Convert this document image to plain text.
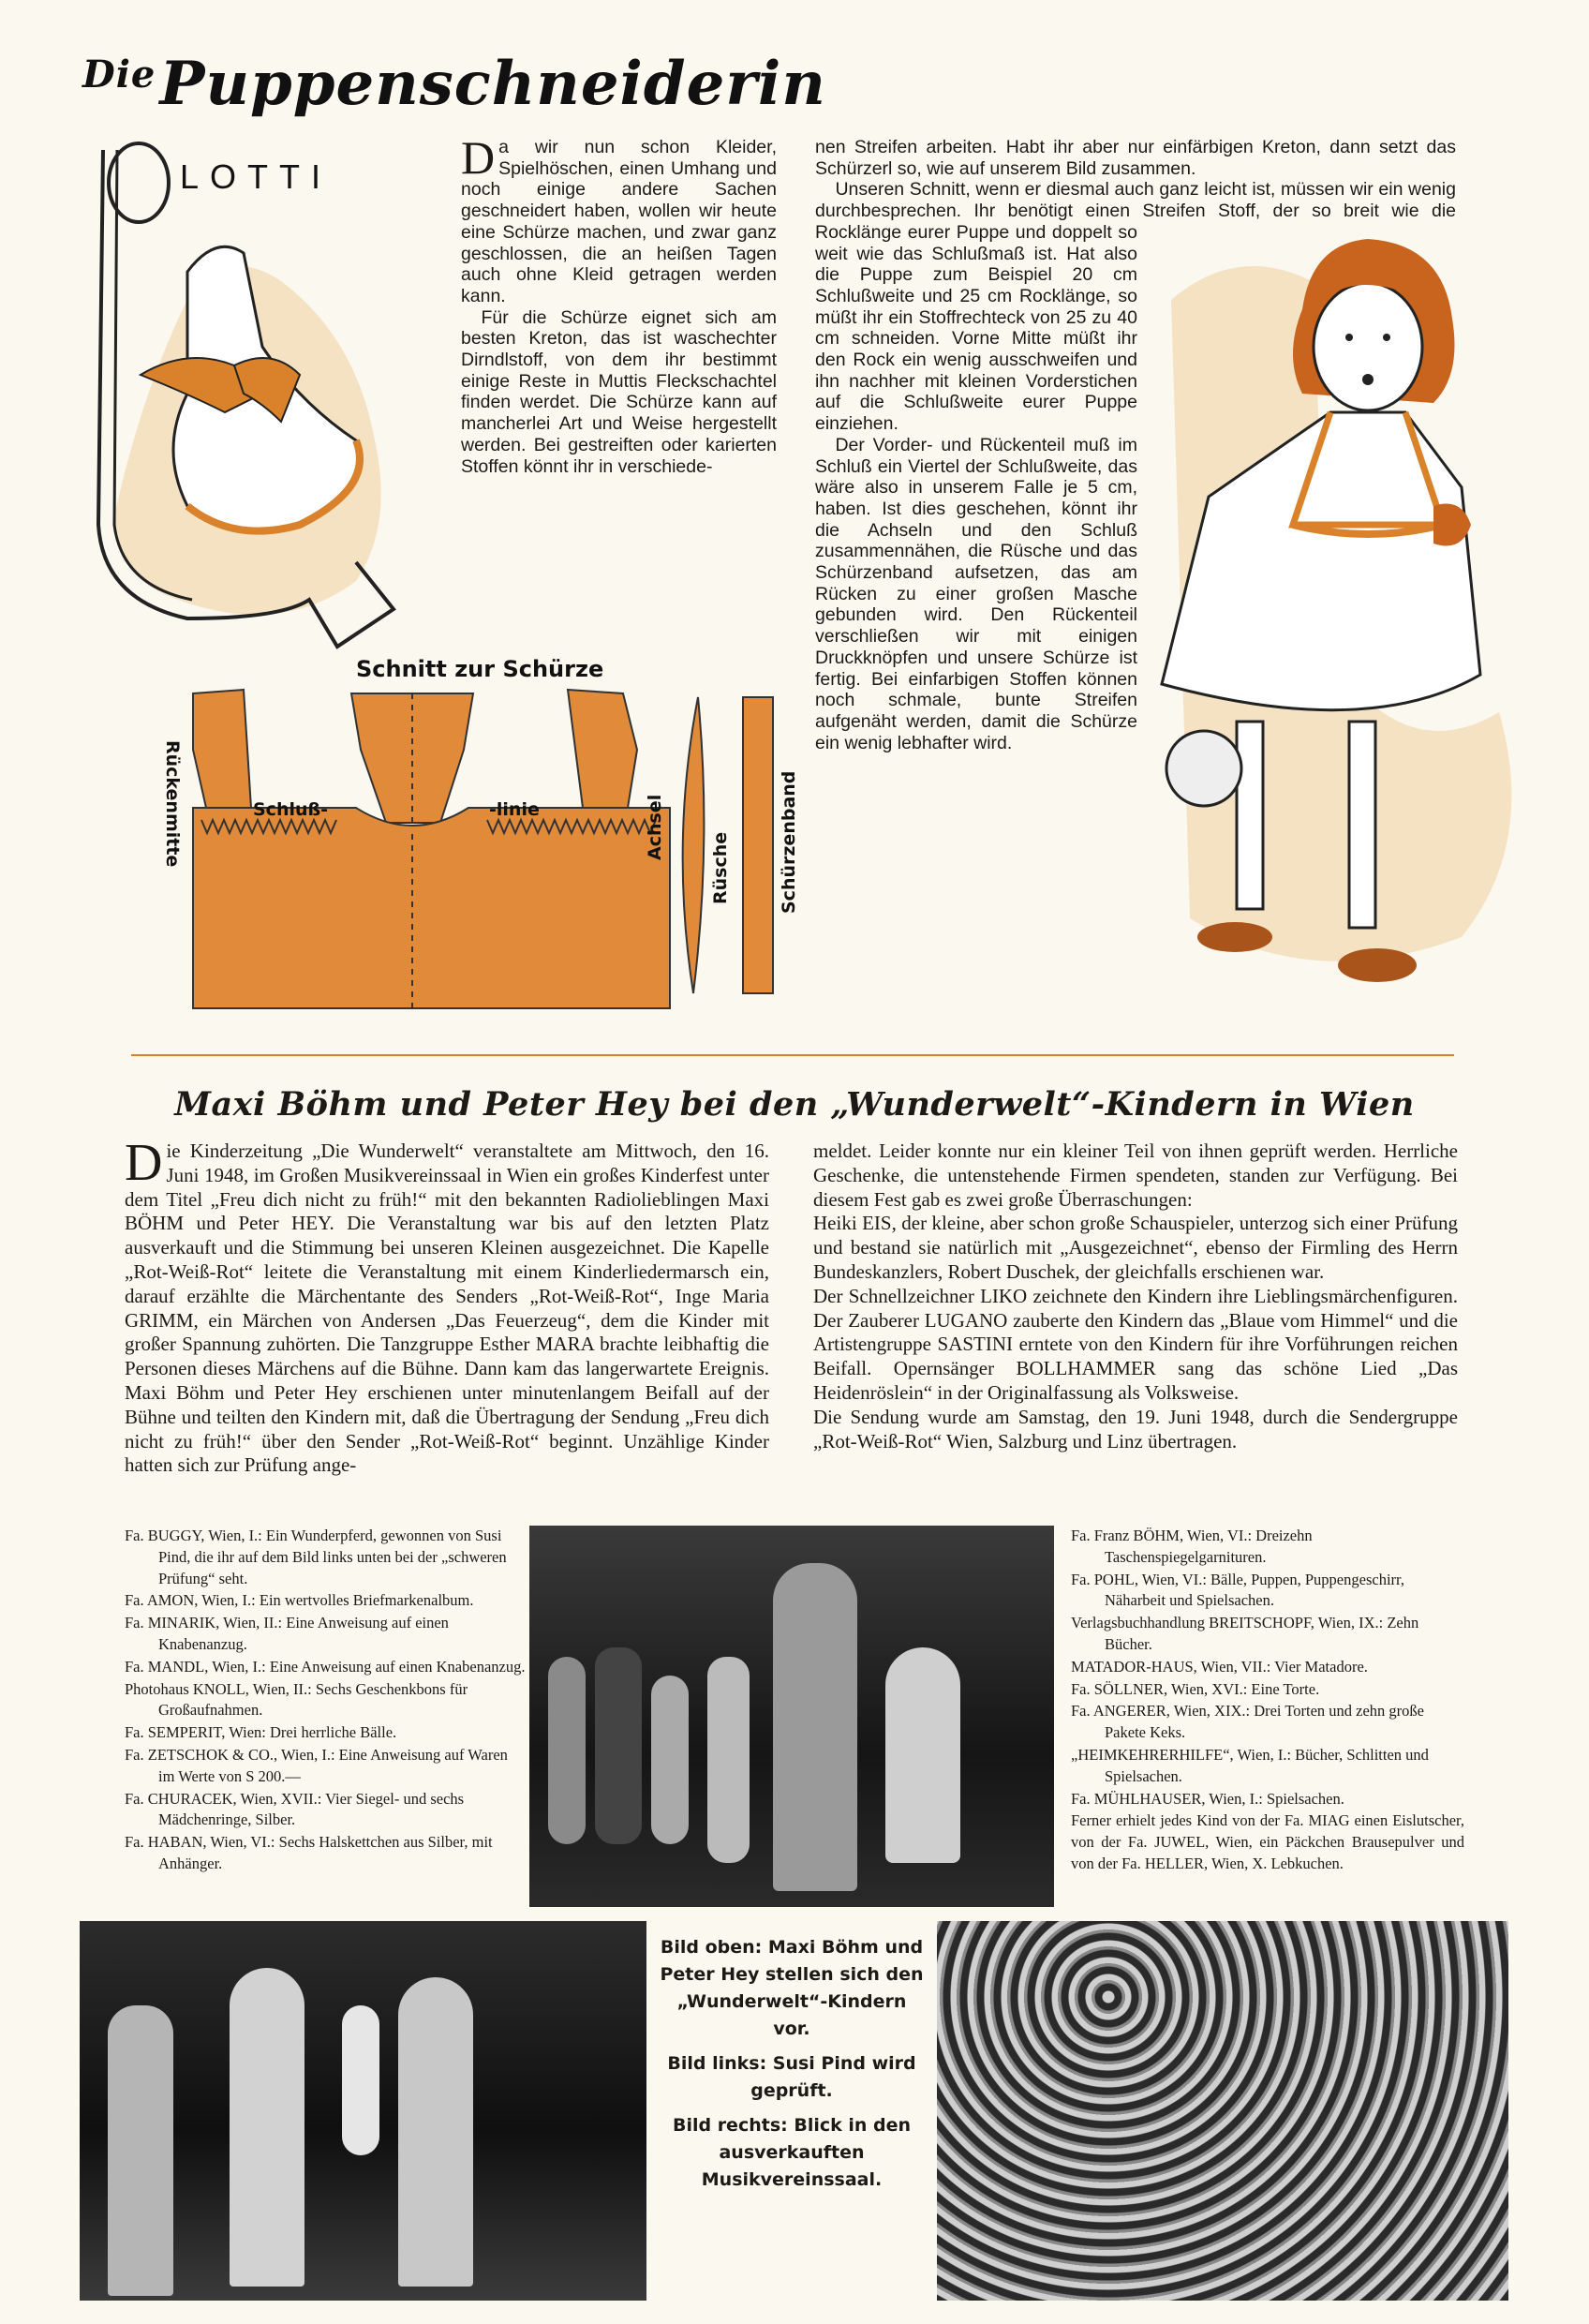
Schnitt zur Schürze
Rückenmitte	Schluß-	-linie	Achsel
Rüsche	Schürzenband
$^{Die}$Puppenschneiderin
LOTTI	D a wir nun schon Kleider, Spielhöschen, einen Umhang und noch einige andere Sachen geschneidert haben, wollen wir heute eine Schürze machen, und zwar ganz geschlossen, die an heißen Tagen auch ohne Kleid getragen werden kann.

Für die Schürze eignet sich am besten Kreton, das ist waschechter Dirndlstoff, von dem ihr bestimmt einige Reste in Muttis Fleckschachtel finden werdet. Die Schürze kann auf mancherlei Art und Weise hergestellt werden. Bei gestreiften oder karierten Stoffen könnt ihr in verschiede-

nen Streifen arbeiten. Habt ihr aber nur einfärbigen Kreton, dann setzt das Schürzerl so, wie auf unserem Bild zusammen.

Unseren Schnitt, wenn er diesmal auch ganz leicht ist, müssen wir ein wenig durchbesprechen. Ihr benötigt einen Streifen Stoff, der so breit wie die Rocklänge eurer Puppe und doppelt so weit wie das Schlußmaß ist. Hat also die Puppe zum Beispiel 20 cm Schlußweite und 25 cm Rocklänge, so müßt ihr ein Stoffrechteck von 25 zu 40 cm schneiden. Vorne Mitte müßt ihr den Rock ein wenig ausschweifen und ihn nachher mit kleinen Vorderstichen auf die Schlußweite eurer Puppe einziehen.

Der Vorder- und Rückenteil muß im Schluß ein Viertel der Schlußweite, das wäre also in unserem Falle je 5 cm, haben. Ist dies geschehen, könnt ihr die Achseln und den Schluß zusammennähen, die Rüsche und das Schürzenband aufsetzen, das am Rücken zu einer großen Masche gebunden wird. Den Rückenteil verschließen wir mit einigen Druckknöpfen und unsere Schürze ist fertig. Bei einfarbigen Stoffen können noch schmale, bunte Streifen aufgenäht werden, damit die Schürze ein wenig lebhafter wird.

Maxi Böhm und Peter Hey bei den „Wunderwelt“-Kindern in Wien
D ie Kinderzeitung „Die Wunderwelt“ veranstaltete am Mittwoch, den 16. Juni 1948, im Großen Musikvereinssaal in Wien ein großes Kinderfest unter dem Titel „Freu dich nicht zu früh!“ mit den bekannten Radiolieblingen Maxi BÖHM und Peter HEY. Die Veranstaltung war bis auf den letzten Platz ausverkauft und die Stimmung bei unseren Kleinen ausgezeichnet. Die Kapelle „Rot-Weiß-Rot“ leitete die Veranstaltung mit einem Kinderliedermarsch ein, darauf erzählte die Märchentante des Senders „Rot-Weiß-Rot“, Inge Maria GRIMM, ein Märchen von Andersen „Das Feuerzeug“, dem die Kinder mit großer Spannung zuhörten. Die Tanzgruppe Esther MARA brachte leibhaftig die Personen dieses Märchens auf die Bühne. Dann kam das langerwartete Ereignis. Maxi Böhm und Peter Hey erschienen unter minutenlangem Beifall auf der Bühne und teilten den Kindern mit, daß die Übertragung der Sendung „Freu dich nicht zu früh!“ über den Sender „Rot-Weiß-Rot“ beginnt. Unzählige Kinder hatten sich zur Prüfung ange-

meldet. Leider konnte nur ein kleiner Teil von ihnen geprüft werden. Herrliche Geschenke, die untenstehende Firmen spendeten, standen zur Verfügung. Bei diesem Fest gab es zwei große Überraschungen:

Heiki EIS, der kleine, aber schon große Schauspieler, unterzog sich einer Prüfung und bestand sie natürlich mit „Ausgezeichnet“, ebenso der Firmling des Herrn Bundeskanzlers, Robert Duschek, der gleichfalls erschienen war.

Der Schnellzeichner LIKO zeichnete den Kindern ihre Lieblingsmärchenfiguren. Der Zauberer LUGANO zauberte den Kindern das „Blaue vom Himmel“ und die Artistengruppe SASTINI erntete von den Kindern für ihre Vorführungen reichen Beifall. Opernsänger BOLLHAMMER sang das schöne Lied „Das Heidenröslein“ in der Originalfassung als Volksweise.

Die Sendung wurde am Samstag, den 19. Juni 1948, durch die Sendergruppe „Rot-Weiß-Rot“ Wien, Salzburg und Linz übertragen.

Fa. BUGGY, Wien, I.: Ein Wunderpferd, gewonnen von Susi Pind, die ihr auf dem Bild links unten bei der „schweren Prüfung“ seht.
Fa. AMON, Wien, I.: Ein wertvolles Briefmarkenalbum.
Fa. MINARIK, Wien, II.: Eine Anweisung auf einen Knabenanzug.
Fa. MANDL, Wien, I.: Eine Anweisung auf einen Knabenanzug.
Photohaus KNOLL, Wien, II.: Sechs Geschenkbons für Großaufnahmen.
Fa. SEMPERIT, Wien: Drei herrliche Bälle.
Fa. ZETSCHOK & CO., Wien, I.: Eine Anweisung auf Waren im Werte von S 200.—
Fa. CHURACEK, Wien, XVII.: Vier Siegel- und sechs Mädchenringe, Silber.
Fa. HABAN, Wien, VI.: Sechs Halskettchen aus Silber, mit Anhänger.
Fa. Franz BÖHM, Wien, VI.: Dreizehn Taschenspiegelgarnituren.
Fa. POHL, Wien, VI.: Bälle, Puppen, Puppengeschirr, Näharbeit und Spielsachen.
Verlagsbuchhandlung BREITSCHOPF, Wien, IX.: Zehn Bücher.
MATADOR-HAUS, Wien, VII.: Vier Matadore.
Fa. SÖLLNER, Wien, XVI.: Eine Torte.
Fa. ANGERER, Wien, XIX.: Drei Torten und zehn große Pakete Keks.
„HEIMKEHRERHILFE“, Wien, I.: Bücher, Schlitten und Spielsachen.
Fa. MÜHLHAUSER, Wien, I.: Spielsachen.
Ferner erhielt jedes Kind von der Fa. MIAG einen Eislutscher, von der Fa. JUWEL, Wien, ein Päckchen Brausepulver und von der Fa. HELLER, Wien, X. Lebkuchen.

Bild oben: Maxi Böhm und Peter Hey stellen sich den „Wunderwelt“-Kindern vor.

Bild links: Susi Pind wird geprüft.

Bild rechts: Blick in den ausverkauften Musikvereinssaal.
